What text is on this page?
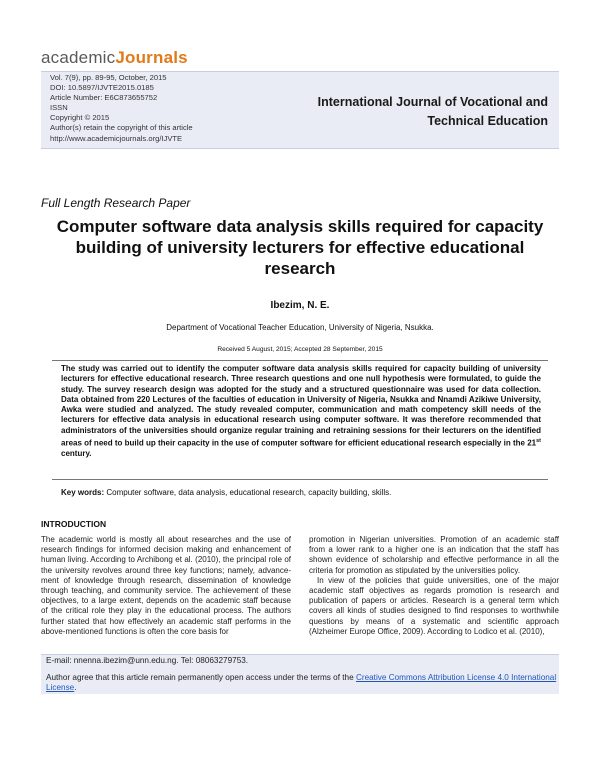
academicJournals
Vol. 7(9), pp. 89-95, October, 2015
DOI: 10.5897/IJVTE2015.0185
Article Number: E6C873655752
ISSN
Copyright © 2015
Author(s) retain the copyright of this article
http://www.academicjournals.org/IJVTE
International Journal of Vocational and Technical Education
Full Length Research Paper
Computer software data analysis skills required for capacity building of university lecturers for effective educational research
Ibezim, N. E.
Department of Vocational Teacher Education, University of Nigeria, Nsukka.
Received 5 August, 2015; Accepted 28 September, 2015
The study was carried out to identify the computer software data analysis skills required for capacity building of university lecturers for effective educational research. Three research questions and one null hypothesis were formulated, to guide the study. The survey research design was adopted for the study and a structured questionnaire was used for data collection. Data obtained from 220 Lectures of the faculties of education in University of Nigeria, Nsukka and Nnamdi Azikiwe University, Awka were studied and analyzed. The study revealed computer, communication and math competency skill needs of the lecturers for effective data analysis in educational research using computer software. It was therefore recommended that administrators of the universities should organize regular training and retraining sessions for their lecturers on the identified areas of need to build up their capacity in the use of computer software for efficient educational research especially in the 21st century.
Key words: Computer software, data analysis, educational research, capacity building, skills.
INTRODUCTION

The academic world is mostly all about researches and the use of research findings for informed decision making and enhancement of human living. According to Archibong et al. (2010), the principal role of the university revolves around three key functions; namely, advance-ment of knowledge through research, dissemination of knowledge through teaching, and community service. The achievement of these objectives, to a large extent, depends on the academic staff because of the critical role they play in the educational process. The authors further stated that how effectively an academic staff performs in the above-mentioned functions is often the core basis for

promotion in Nigerian universities. Promotion of an academic staff from a lower rank to a higher one is an indication that the staff has shown evidence of scholarship and effective performance in all the criteria for promotion as stipulated by the universities policy.

In view of the policies that guide universities, one of the major academic staff objectives as regards promotion is research and publication of papers or articles. Research is a general term which covers all kinds of studies designed to find responses to worthwhile questions by means of a systematic and scientific approach (Alzheimer Europe Office, 2009). According to Lodico et al. (2010),

E-mail: nnenna.ibezim@unn.edu.ng. Tel: 08063279753.
Author agree that this article remain permanently open access under the terms of the Creative Commons Attribution License 4.0 International License.
